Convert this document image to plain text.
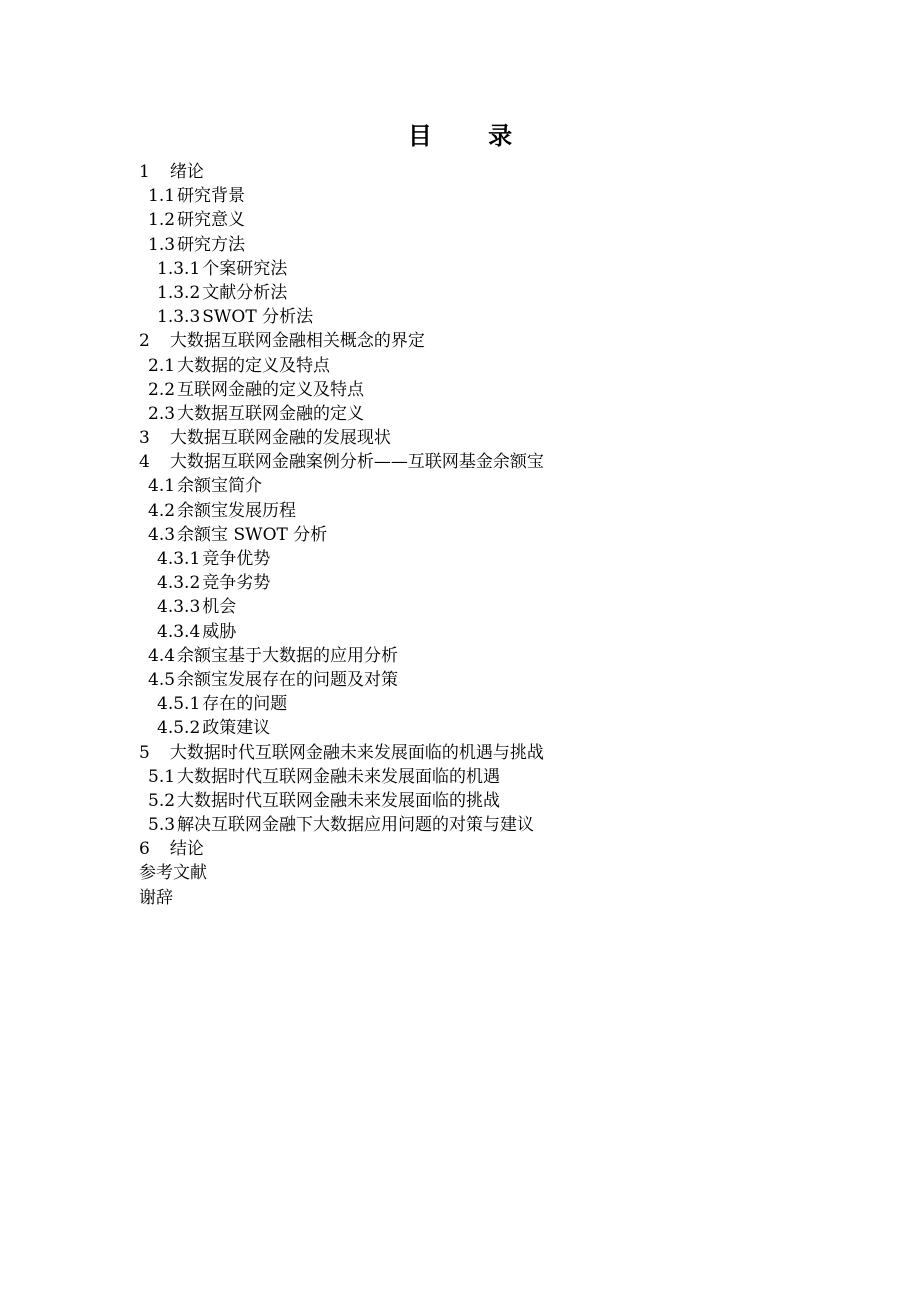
目 录
1 绪论
1.1 研究背景
1.2 研究意义
1.3 研究方法
1.3.1 个案研究法
1.3.2 文献分析法
1.3.3 SWOT 分析法
2 大数据互联网金融相关概念的界定
2.1 大数据的定义及特点
2.2 互联网金融的定义及特点
2.3 大数据互联网金融的定义
3 大数据互联网金融的发展现状
4 大数据互联网金融案例分析——互联网基金余额宝
4.1 余额宝简介
4.2 余额宝发展历程
4.3 余额宝 SWOT 分析
4.3.1 竞争优势
4.3.2 竞争劣势
4.3.3 机会
4.3.4 威胁
4.4 余额宝基于大数据的应用分析
4.5 余额宝发展存在的问题及对策
4.5.1 存在的问题
4.5.2 政策建议
5 大数据时代互联网金融未来发展面临的机遇与挑战
5.1 大数据时代互联网金融未来发展面临的机遇
5.2 大数据时代互联网金融未来发展面临的挑战
5.3 解决互联网金融下大数据应用问题的对策与建议
6 结论
参考文献
谢辞
